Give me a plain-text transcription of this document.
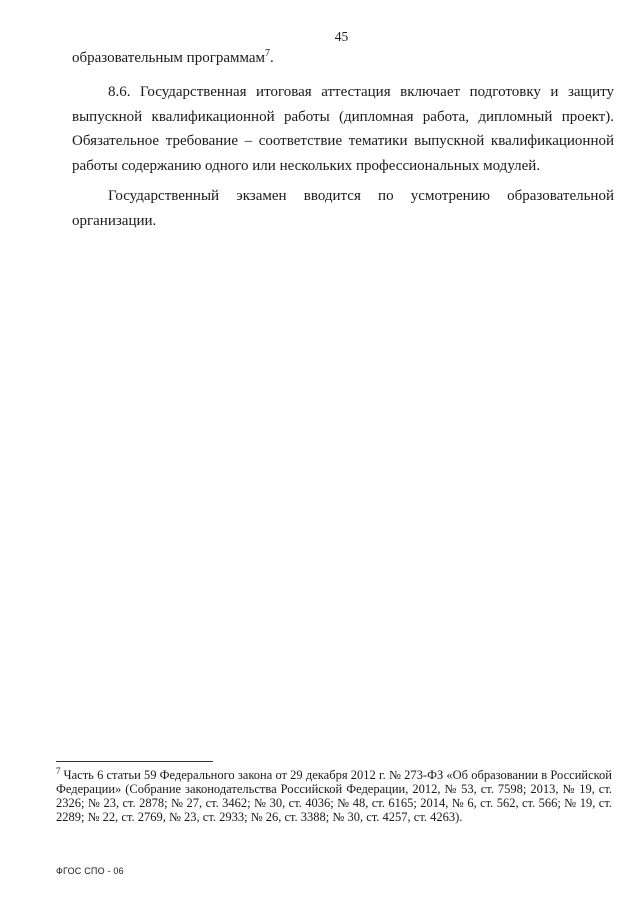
45

образовательным программам$^7$.

8.6. Государственная итоговая аттестация включает подготовку и защиту выпускной квалификационной работы (дипломная работа, дипломный проект). Обязательное требование – соответствие тематики выпускной квалификационной работы содержанию одного или нескольких профессиональных модулей.

Государственный экзамен вводится по усмотрению образовательной организации.

$^7$ Часть 6 статьи 59 Федерального закона от 29 декабря 2012 г. № 273-ФЗ «Об образовании в Российской Федерации» (Собрание законодательства Российской Федерации, 2012, № 53, ст. 7598; 2013, № 19, ст. 2326; № 23, ст. 2878; № 27, ст. 3462; № 30, ст. 4036; № 48, ст. 6165; 2014, № 6, ст. 562, ст. 566; № 19, ст. 2289; № 22, ст. 2769, № 23, ст. 2933; № 26, ст. 3388; № 30, ст. 4257, ст. 4263).

ФГОС СПО - 06
